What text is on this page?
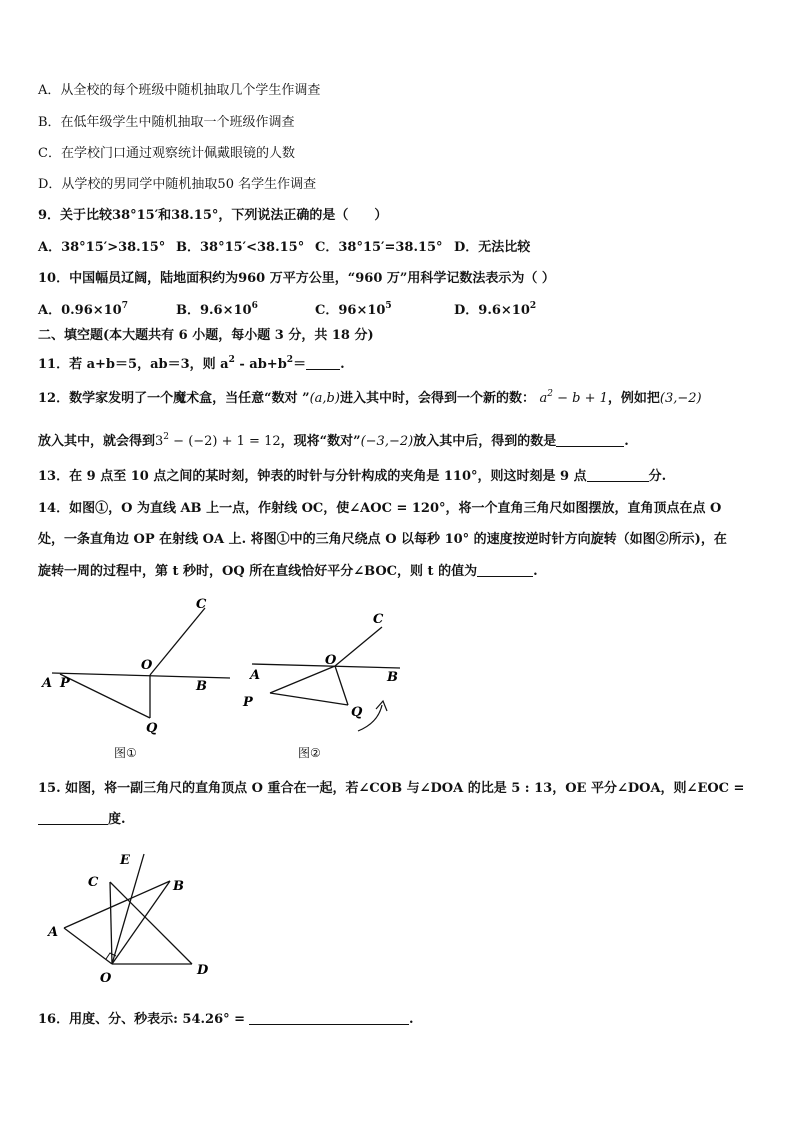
A．从全校的每个班级中随机抽取几个学生作调查
B．在低年级学生中随机抽取一个班级作调查
C．在学校门口通过观察统计佩戴眼镜的人数
D．从学校的男同学中随机抽取50 名学生作调查
9．关于比较38°15′和38.15°，下列说法正确的是（　　）
A．38°15′>38.15° B．38°15′<38.15° C．38°15′=38.15° D．无法比较
10．中国幅员辽阔，陆地面积约为960 万平方公里，“960 万”用科学记数法表示为（ ）
A．$0.96\times 10^7$	B．$9.6\times 10^6$	C．$96\times 10^5$	D．$9.6\times 10^2$
二、填空题(本大题共有 6 小题，每小题 3 分，共 18 分)
11．若 a+b＝5，ab＝3，则 $a^2 - ab+b^2=$	.
12．数学家发明了一个魔术盒，当任意“数对 ”(a,b)进入其中时，会得到一个新的数： $a^2 - b + 1$，例如把(3,−2)
放入其中，就会得到$3^2 - (-2) + 1 = 12$，现将“数对”(−3,−2)放入其中后，得到的数是	.
13．在 9 点至 10 点之间的某时刻，钟表的时针与分针构成的夹角是 110°，则这时刻是 9 点	分.
14．如图①，O 为直线 AB 上一点，作射线 OC，使∠AOC = 120°，将一个直角三角尺如图摆放，直角顶点在点 O
处，一条直角边 OP 在射线 OA 上. 将图①中的三角尺绕点 O 以每秒 10° 的速度按逆时针方向旋转（如图②所示)，在
旋转一周的过程中，第 t 秒时，OQ 所在直线恰好平分∠BOC，则 t 的值为	.
A P
O
B
C
Q
图①
A
P
O
B
C
Q
图②
15. 如图，将一副三角尺的直角顶点 O 重合在一起，若∠COB 与∠DOA 的比是 5 : 13，OE 平分∠DOA，则∠EOC =
度.
A
C
E
B
O
D
16．用度、分、秒表示: 54.26° =	.
